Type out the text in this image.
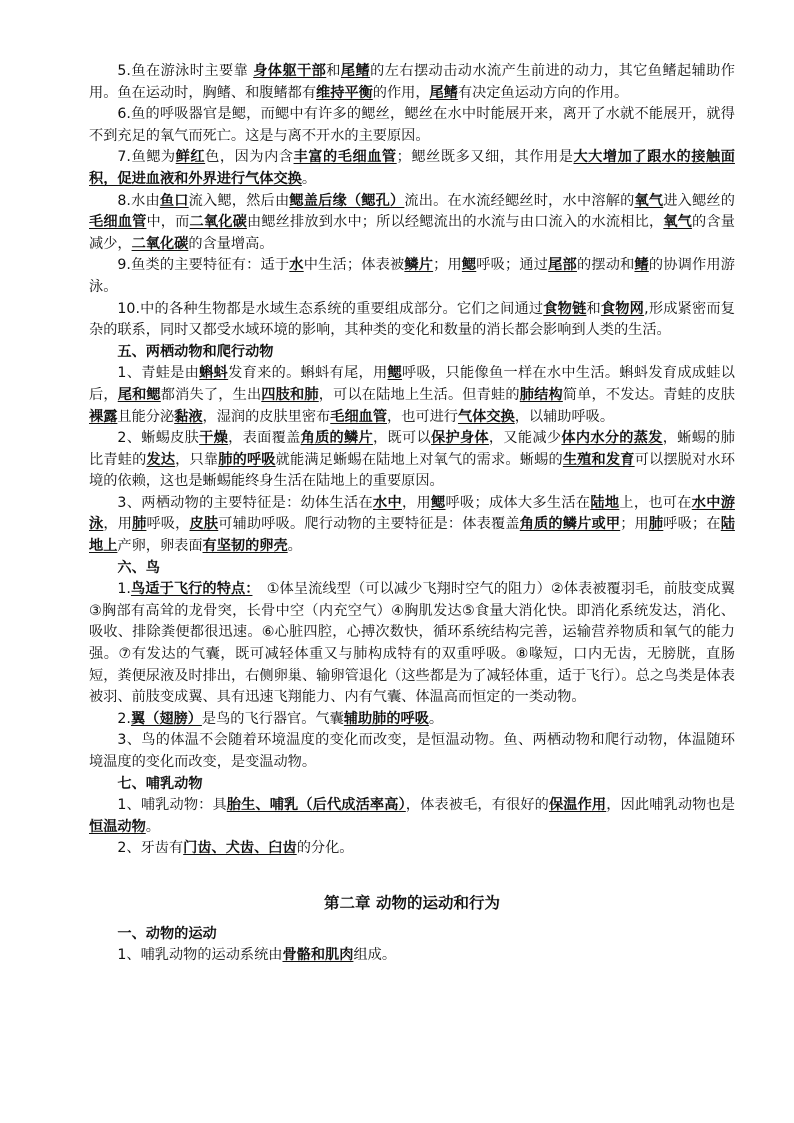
5.鱼在游泳时主要靠 身体躯干部和尾鳍的左右摆动击动水流产生前进的动力，其它鱼鳍起辅助作用。鱼在运动时，胸鳍、和腹鳍都有维持平衡的作用，尾鳍有决定鱼运动方向的作用。

6.鱼的呼吸器官是鳃，而鳃中有许多的鳃丝，鳃丝在水中时能展开来，离开了水就不能展开，就得不到充足的氧气而死亡。这是与离不开水的主要原因。

7.鱼鳃为鲜红色，因为内含丰富的毛细血管；鳃丝既多又细，其作用是大大增加了跟水的接触面积，促进血液和外界进行气体交换。

8.水由鱼口流入鳃，然后由鳃盖后缘（鳃孔）流出。在水流经鳃丝时，水中溶解的氧气进入鳃丝的毛细血管中，而二氧化碳由鳃丝排放到水中；所以经鳃流出的水流与由口流入的水流相比，氧气的含量减少，二氧化碳的含量增高。

9.鱼类的主要特征有：适于水中生活；体表被鳞片；用鳃呼吸；通过尾部的摆动和鳍的协调作用游泳。

10.中的各种生物都是水域生态系统的重要组成部分。它们之间通过食物链和食物网,形成紧密而复杂的联系，同时又都受水域环境的影响，其种类的变化和数量的消长都会影响到人类的生活。

五、两栖动物和爬行动物

1、青蛙是由蝌蚪发育来的。蝌蚪有尾，用鳃呼吸，只能像鱼一样在水中生活。蝌蚪发育成成蛙以后，尾和鳃都消失了，生出四肢和肺，可以在陆地上生活。但青蛙的肺结构简单，不发达。青蛙的皮肤裸露且能分泌黏液，湿润的皮肤里密布毛细血管，也可进行气体交换，以辅助呼吸。

2、蜥蜴皮肤干燥，表面覆盖角质的鳞片，既可以保护身体，又能减少体内水分的蒸发，蜥蜴的肺比青蛙的发达，只靠肺的呼吸就能满足蜥蜴在陆地上对氧气的需求。蜥蜴的生殖和发育可以摆脱对水环境的依赖，这也是蜥蜴能终身生活在陆地上的重要原因。

3、两栖动物的主要特征是：幼体生活在水中，用鳃呼吸；成体大多生活在陆地上，也可在水中游泳，用肺呼吸，皮肤可辅助呼吸。爬行动物的主要特征是：体表覆盖角质的鳞片或甲；用肺呼吸；在陆地上产卵，卵表面有坚韧的卵壳。

六、鸟

1.鸟适于飞行的特点：　①体呈流线型（可以减少飞翔时空气的阻力）②体表被覆羽毛，前肢变成翼③胸部有高耸的龙骨突，长骨中空（内充空气）④胸肌发达⑤食量大消化快。即消化系统发达，消化、吸收、排除粪便都很迅速。⑥心脏四腔，心搏次数快，循环系统结构完善，运输营养物质和氧气的能力强。⑦有发达的气囊，既可减轻体重又与肺构成特有的双重呼吸。⑧喙短，口内无齿，无膀胱，直肠短，粪便尿液及时排出，右侧卵巢、输卵管退化（这些都是为了减轻体重，适于飞行）。总之鸟类是体表被羽、前肢变成翼、具有迅速飞翔能力、内有气囊、体温高而恒定的一类动物。

2.翼（翅膀）是鸟的飞行器官。气囊辅助肺的呼吸。

3、鸟的体温不会随着环境温度的变化而改变，是恒温动物。鱼、两栖动物和爬行动物，体温随环境温度的变化而改变，是变温动物。

七、哺乳动物

1、哺乳动物：具胎生、哺乳（后代成活率高），体表被毛，有很好的保温作用，因此哺乳动物也是恒温动物。

2、牙齿有门齿、犬齿、臼齿的分化。

第二章 动物的运动和行为

一、动物的运动

1、哺乳动物的运动系统由骨骼和肌肉组成。
